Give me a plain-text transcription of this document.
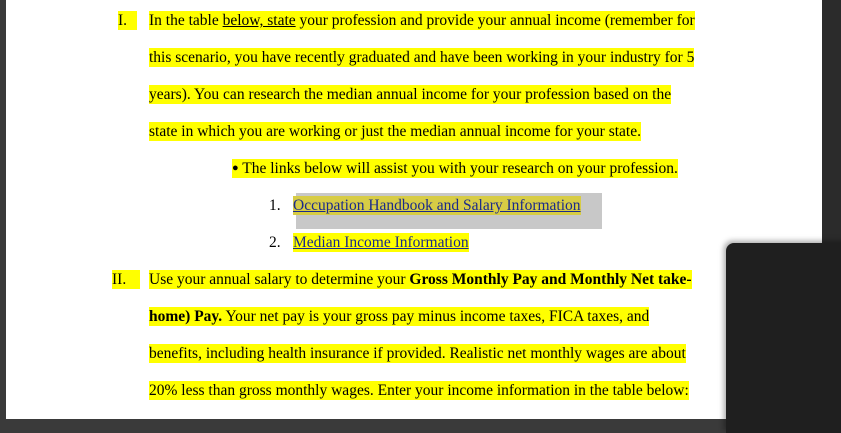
I.	In the table below, state your profession and provide your annual income (remember for
this scenario, you have recently graduated and have been working in your industry for 5
years). You can research the median annual income for your profession based on the
state in which you are working or just the median annual income for your state.
● The links below will assist you with your research on your profession.
1. Occupation Handbook and Salary Information
2. Median Income Information
II.	Use your annual salary to determine your Gross Monthly Pay and Monthly Net take-
home) Pay. Your net pay is your gross pay minus income taxes, FICA taxes, and
benefits, including health insurance if provided. Realistic net monthly wages are about
20% less than gross monthly wages. Enter your income information in the table below:
